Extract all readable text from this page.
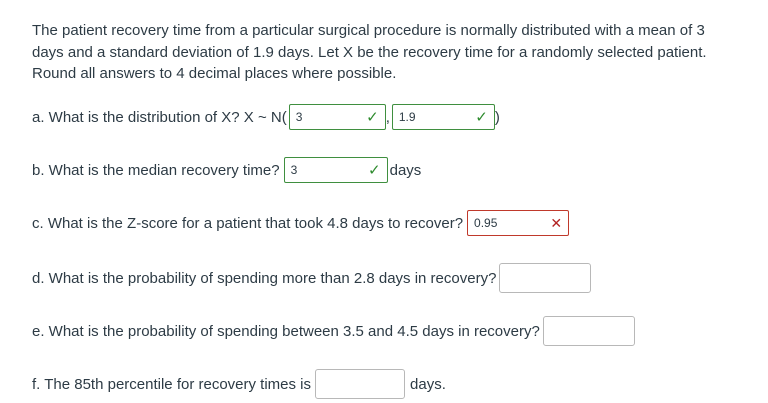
The patient recovery time from a particular surgical procedure is normally distributed with a mean of 3 days and a standard deviation of 1.9 days. Let X be the recovery time for a randomly selected patient. Round all answers to 4 decimal places where possible.
a. What is the distribution of X? X ~ N( 3	✓ , 1.9	✓ )
b. What is the median recovery time? 3	✓ days
c. What is the Z-score for a patient that took 4.8 days to recover? 0.95	✕
d. What is the probability of spending more than 2.8 days in recovery?
e. What is the probability of spending between 3.5 and 4.5 days in recovery?
f. The 85th percentile for recovery times is	days.
